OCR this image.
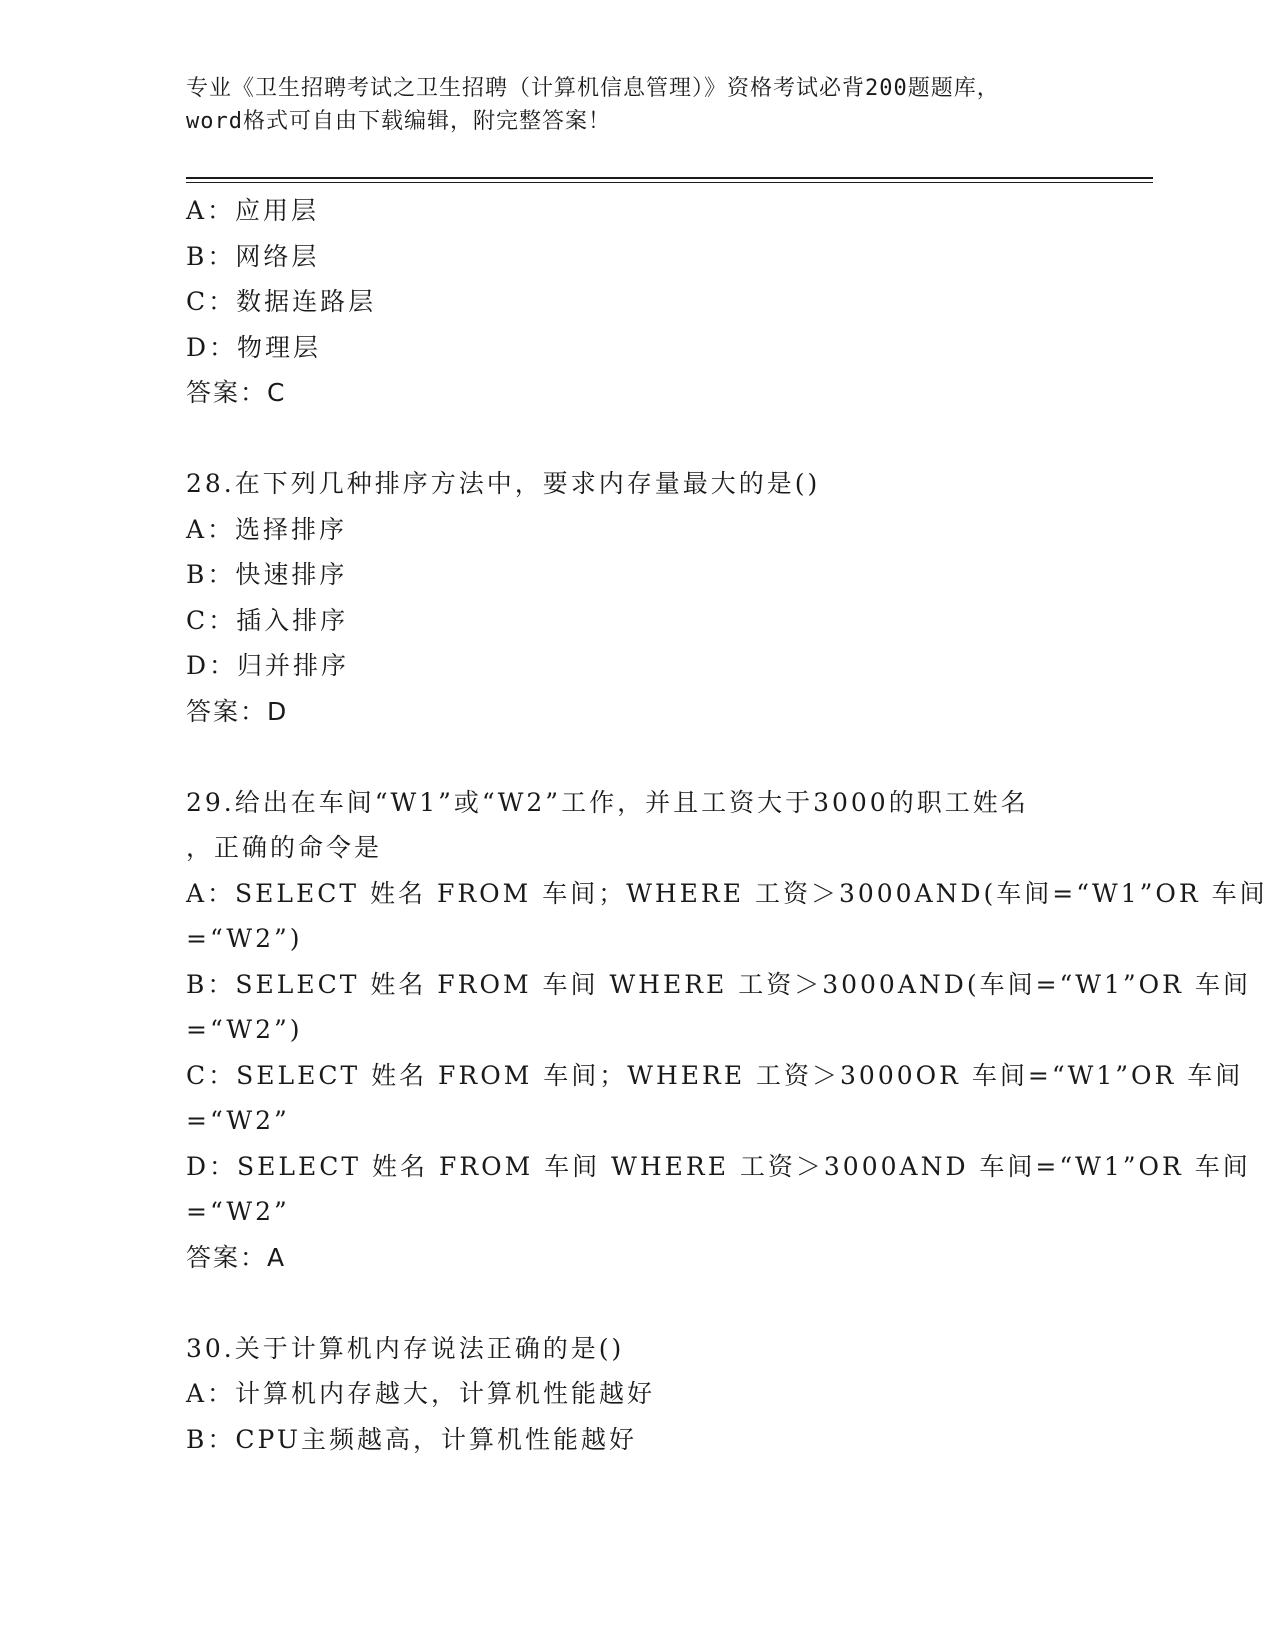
专业《卫生招聘考试之卫生招聘（计算机信息管理）》资格考试必背200题题库，
word格式可自由下载编辑，附完整答案！
A：应用层
B：网络层
C：数据连路层
D：物理层
答案：C
28.在下列几种排序方法中，要求内存量最大的是()
A：选择排序
B：快速排序
C：插入排序
D：归并排序
答案：D
29.给出在车间“W1”或“W2”工作，并且工资大于3000的职工姓名
，正确的命令是
A：SELECT 姓名 FROM 车间；WHERE 工资＞3000AND(车间=“W1”OR 车间
=“W2”)
B：SELECT 姓名 FROM 车间 WHERE 工资＞3000AND(车间=“W1”OR 车间
=“W2”)
C：SELECT 姓名 FROM 车间；WHERE 工资＞3000OR 车间=“W1”OR 车间
=“W2”
D：SELECT 姓名 FROM 车间 WHERE 工资＞3000AND 车间=“W1”OR 车间
=“W2”
答案：A
30.关于计算机内存说法正确的是()
A：计算机内存越大，计算机性能越好
B：CPU主频越高，计算机性能越好
